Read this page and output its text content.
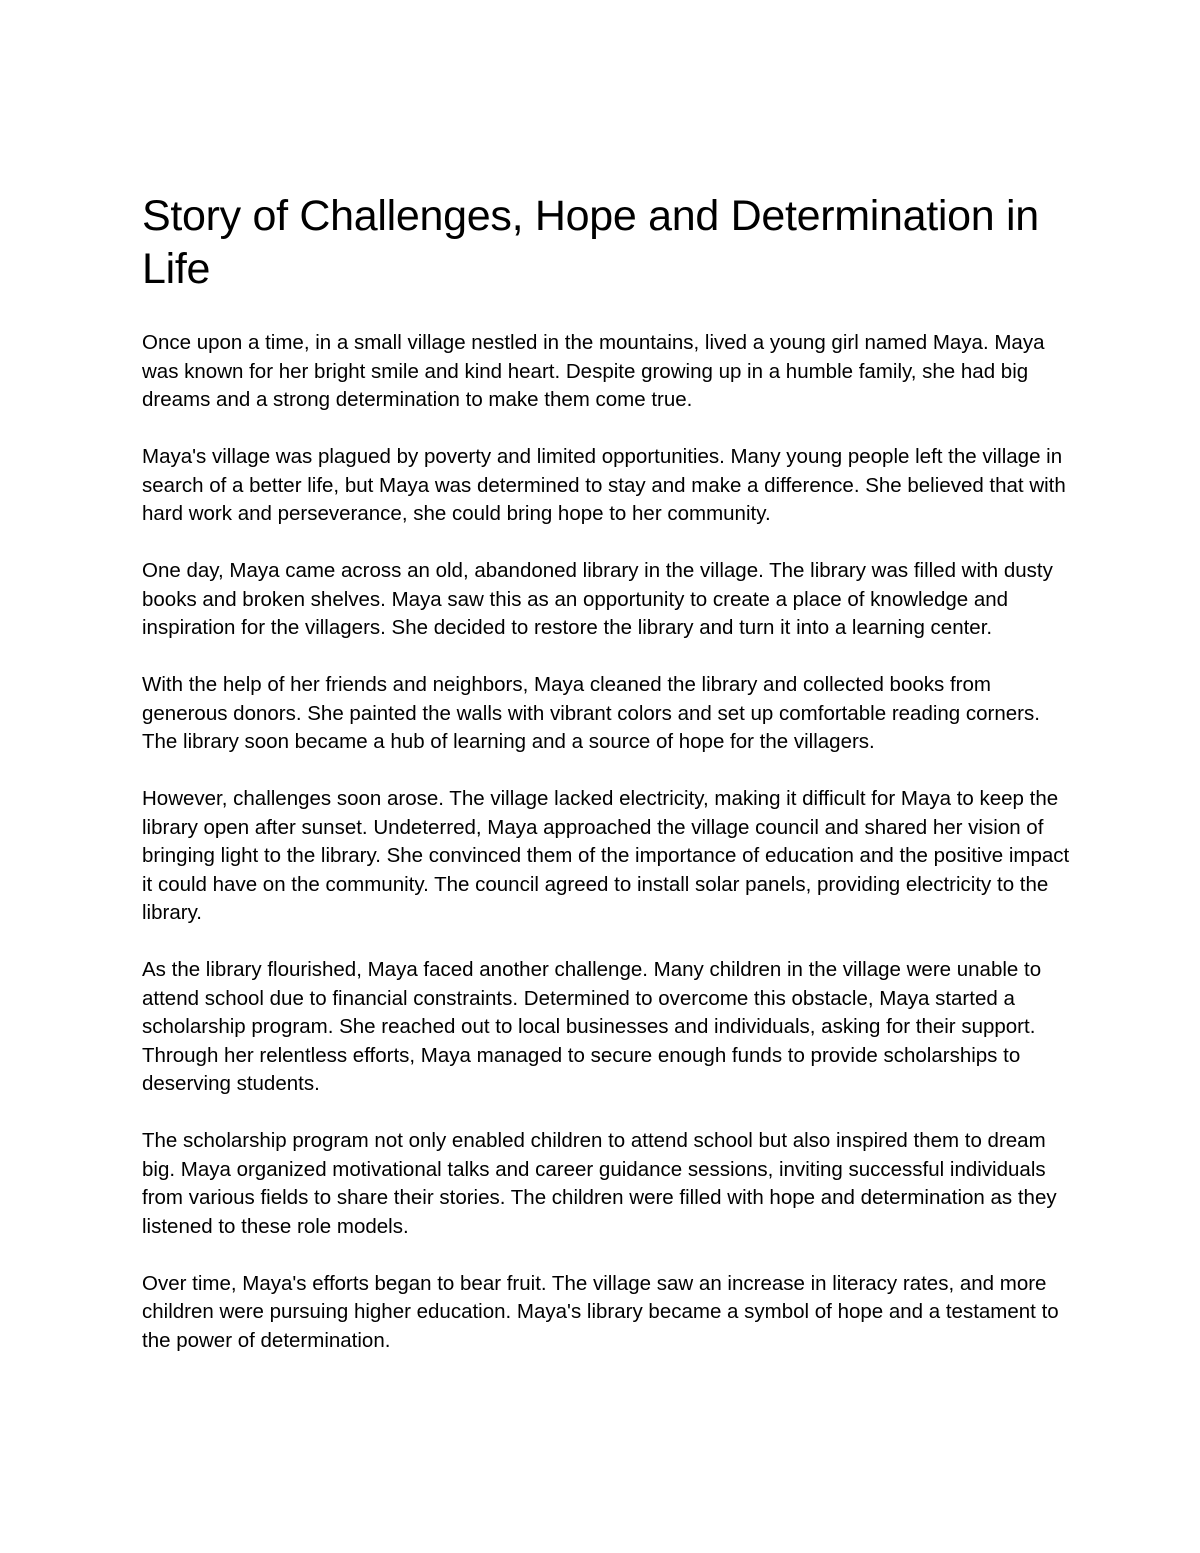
Story of Challenges, Hope and Determination in Life

Once upon a time, in a small village nestled in the mountains, lived a young girl named Maya. Maya was known for her bright smile and kind heart. Despite growing up in a humble family, she had big dreams and a strong determination to make them come true.

Maya's village was plagued by poverty and limited opportunities. Many young people left the village in search of a better life, but Maya was determined to stay and make a difference. She believed that with hard work and perseverance, she could bring hope to her community.

One day, Maya came across an old, abandoned library in the village. The library was filled with dusty books and broken shelves. Maya saw this as an opportunity to create a place of knowledge and inspiration for the villagers. She decided to restore the library and turn it into a learning center.

With the help of her friends and neighbors, Maya cleaned the library and collected books from generous donors. She painted the walls with vibrant colors and set up comfortable reading corners. The library soon became a hub of learning and a source of hope for the villagers.

However, challenges soon arose. The village lacked electricity, making it difficult for Maya to keep the library open after sunset. Undeterred, Maya approached the village council and shared her vision of bringing light to the library. She convinced them of the importance of education and the positive impact it could have on the community. The council agreed to install solar panels, providing electricity to the library.

As the library flourished, Maya faced another challenge. Many children in the village were unable to attend school due to financial constraints. Determined to overcome this obstacle, Maya started a scholarship program. She reached out to local businesses and individuals, asking for their support. Through her relentless efforts, Maya managed to secure enough funds to provide scholarships to deserving students.

The scholarship program not only enabled children to attend school but also inspired them to dream big. Maya organized motivational talks and career guidance sessions, inviting successful individuals from various fields to share their stories. The children were filled with hope and determination as they listened to these role models.

Over time, Maya's efforts began to bear fruit. The village saw an increase in literacy rates, and more children were pursuing higher education. Maya's library became a symbol of hope and a testament to the power of determination.
